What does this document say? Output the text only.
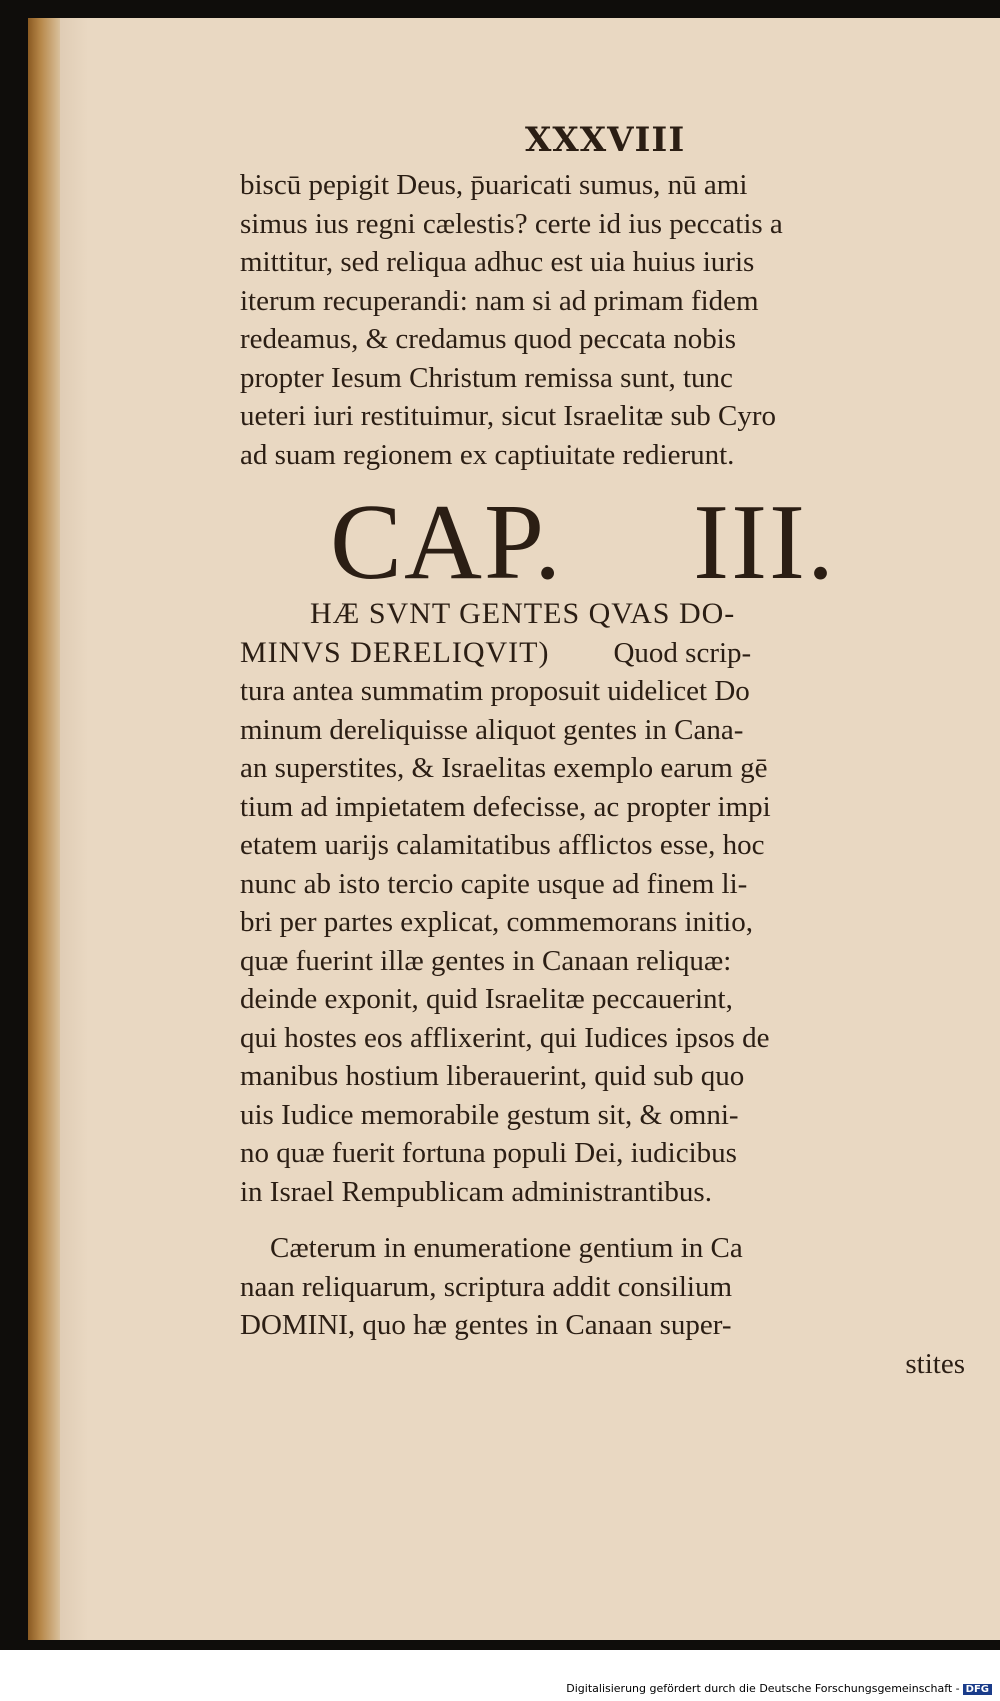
XXXVIII
biscū pepigit Deus, p̄uaricati sumus, nū ami
simus ius regni cælestis? certe id ius peccatis a
mittitur, sed reliqua adhuc est uia huius iuris
iterum recuperandi: nam si ad primam fidem
redeamus, & credamus quod peccata nobis
propter Iesum Christum remissa sunt, tunc
ueteri iuri restituimur, sicut Israelitæ sub Cyro
ad suam regionem ex captiuitate redierunt.
CAP. III.
HÆ SVNT GENTES QVAS DO-
MINVS DERELIQVIT) Quod scrip-
tura antea summatim proposuit uidelicet Do
minum dereliquisse aliquot gentes in Cana-
an superstites, & Israelitas exemplo earum gē
tium ad impietatem defecisse, ac propter impi
etatem uarijs calamitatibus afflictos esse, hoc
nunc ab isto tercio capite usque ad finem li-
bri per partes explicat, commemorans initio,
quæ fuerint illæ gentes in Canaan reliquæ:
deinde exponit, quid Israelitæ peccauerint,
qui hostes eos afflixerint, qui Iudices ipsos de
manibus hostium liberauerint, quid sub quo
uis Iudice memorabile gestum sit, & omni-
no quæ fuerit fortuna populi Dei, iudicibus
in Israel Rempublicam administrantibus.
Cæterum in enumeratione gentium in Ca
naan reliquarum, scriptura addit consilium
DOMINI, quo hæ gentes in Canaan super-
stites
Digitalisierung gefördert durch die Deutsche Forschungsgemeinschaft - DFG
